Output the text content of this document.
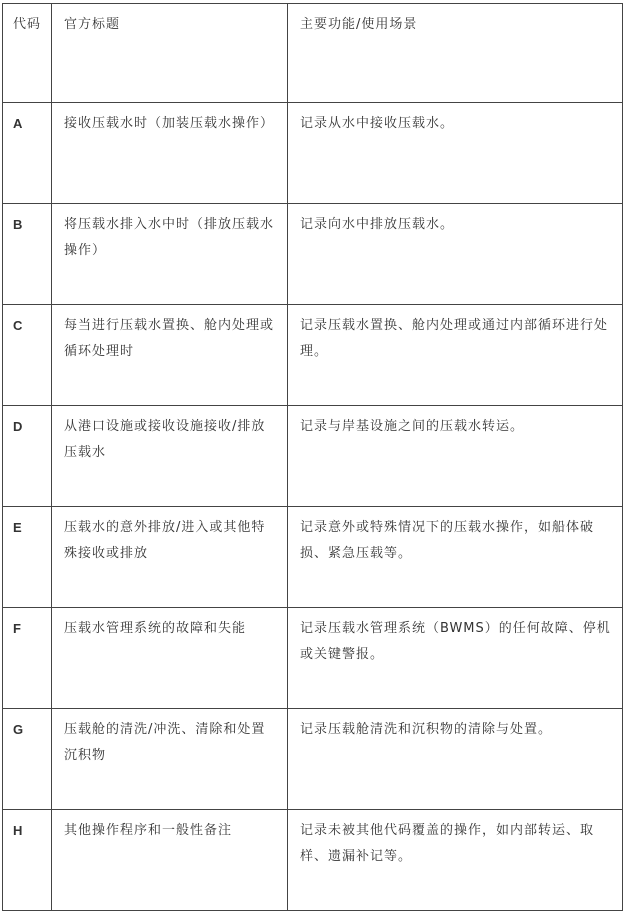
代码	官方标题	主要功能/使用场景
A	接收压载水时（加装压载水操作）	记录从水中接收压载水。
B	将压载水排入水中时（排放压载水操作）	记录向水中排放压载水。
C	每当进行压载水置换、舱内处理或循环处理时	记录压载水置换、舱内处理或通过内部循环进行处理。
D	从港口设施或接收设施接收/排放压载水	记录与岸基设施之间的压载水转运。
E	压载水的意外排放/进入或其他特殊接收或排放	记录意外或特殊情况下的压载水操作，如船体破损、紧急压载等。
F	压载水管理系统的故障和失能	记录压载水管理系统（BWMS）的任何故障、停机或关键警报。
G	压载舱的清洗/冲洗、清除和处置沉积物	记录压载舱清洗和沉积物的清除与处置。
H	其他操作程序和一般性备注	记录未被其他代码覆盖的操作，如内部转运、取样、遗漏补记等。
